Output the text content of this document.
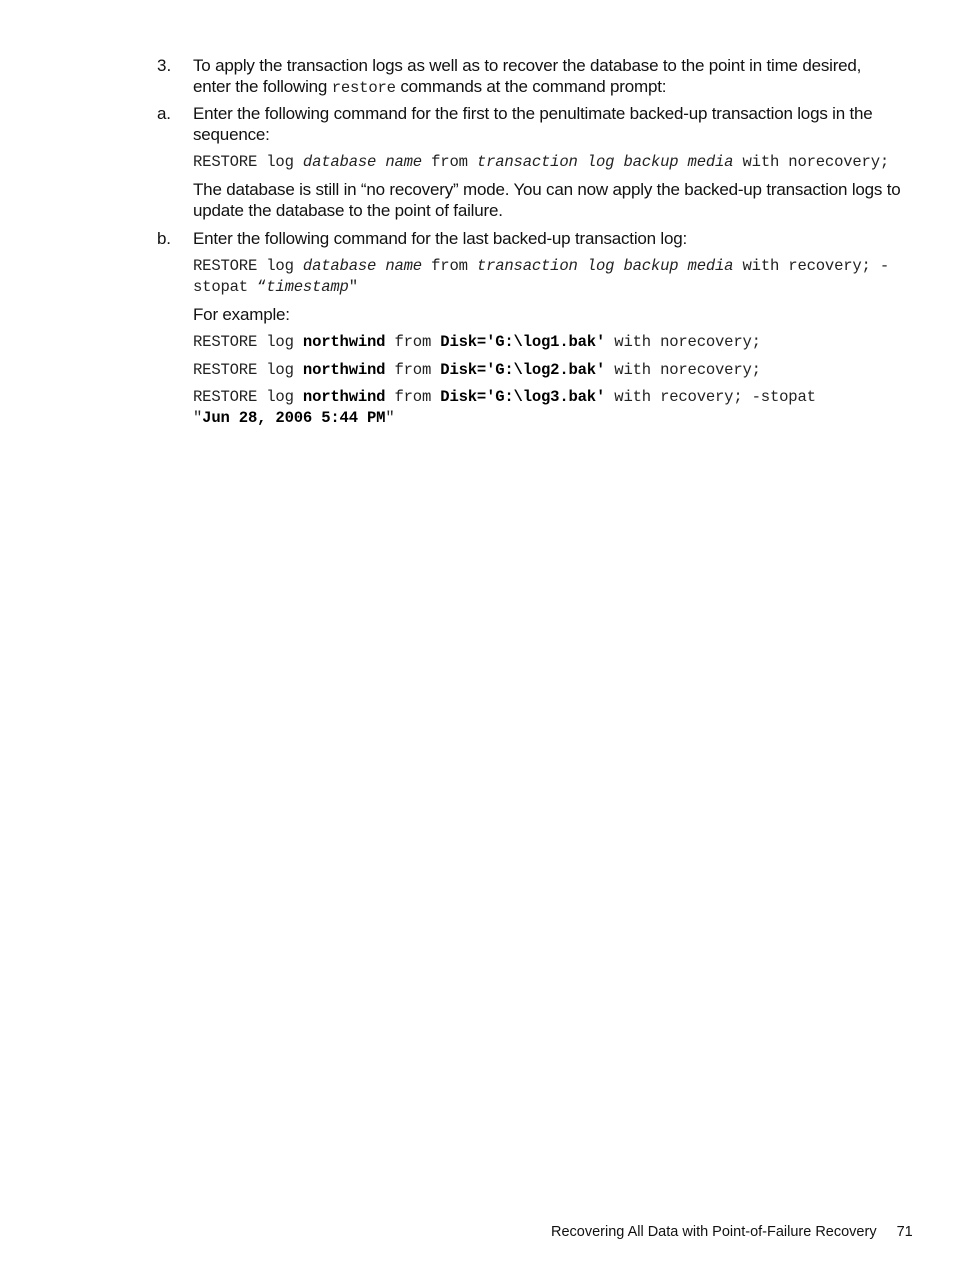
3. To apply the transaction logs as well as to recover the database to the point in time desired, enter the following restore commands at the command prompt:

a. Enter the following command for the first to the penultimate backed-up transaction logs in the sequence:

RESTORE log database name from transaction log backup media with norecovery;

The database is still in “no recovery” mode. You can now apply the backed-up transaction logs to update the database to the point of failure.

b. Enter the following command for the last backed-up transaction log:

RESTORE log database name from transaction log backup media with recovery; -stopat “timestamp"

For example:

RESTORE log northwind from Disk='G:\log1.bak' with norecovery;

RESTORE log northwind from Disk='G:\log2.bak' with norecovery;

RESTORE log northwind from Disk='G:\log3.bak' with recovery; -stopat "Jun 28, 2006 5:44 PM"

Recovering All Data with Point-of-Failure Recovery 71
